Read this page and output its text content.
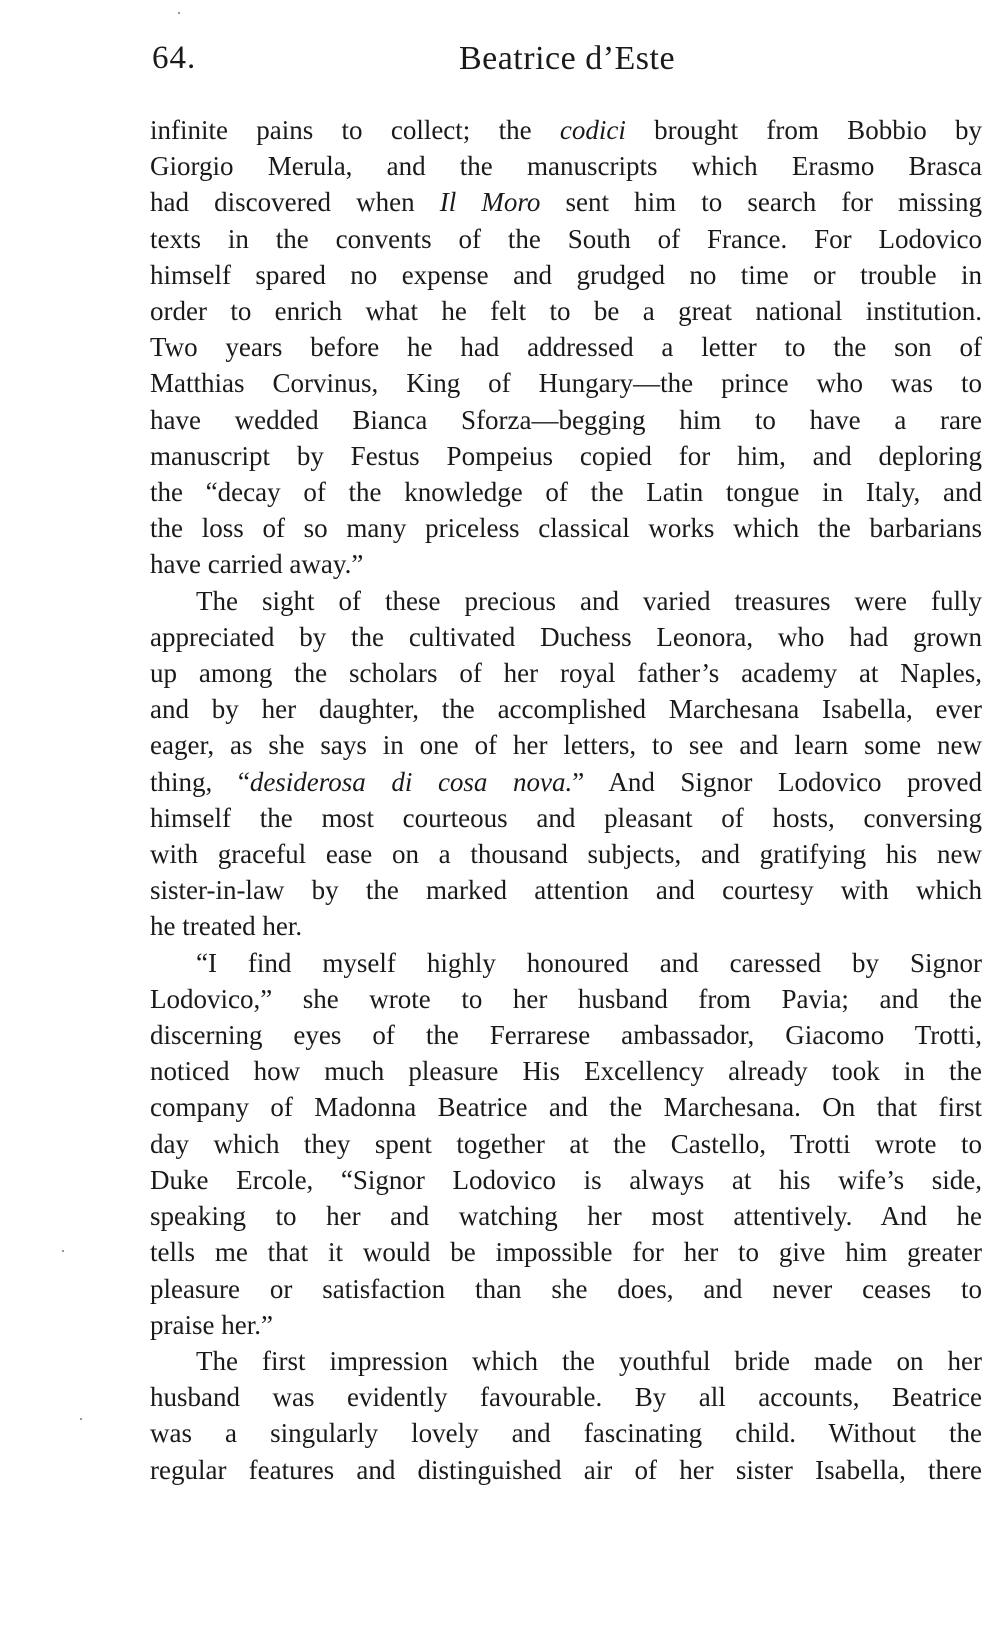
64.	Beatrice d’Este
infinite pains to collect; the codici brought from Bobbio by
Giorgio Merula, and the manuscripts which Erasmo Brasca
had discovered when Il Moro sent him to search for missing
texts in the convents of the South of France. For Lodovico
himself spared no expense and grudged no time or trouble in
order to enrich what he felt to be a great national institution.
Two years before he had addressed a letter to the son of
Matthias Corvinus, King of Hungary—the prince who was to
have wedded Bianca Sforza—begging him to have a rare
manuscript by Festus Pompeius copied for him, and deploring
the “decay of the knowledge of the Latin tongue in Italy, and
the loss of so many priceless classical works which the barbarians
have carried away.”
The sight of these precious and varied treasures were fully
appreciated by the cultivated Duchess Leonora, who had grown
up among the scholars of her royal father’s academy at Naples,
and by her daughter, the accomplished Marchesana Isabella, ever
eager, as she says in one of her letters, to see and learn some new
thing, “desiderosa di cosa nova.” And Signor Lodovico proved
himself the most courteous and pleasant of hosts, conversing
with graceful ease on a thousand subjects, and gratifying his new
sister-in-law by the marked attention and courtesy with which
he treated her.
“I find myself highly honoured and caressed by Signor
Lodovico,” she wrote to her husband from Pavia; and the
discerning eyes of the Ferrarese ambassador, Giacomo Trotti,
noticed how much pleasure His Excellency already took in the
company of Madonna Beatrice and the Marchesana. On that first
day which they spent together at the Castello, Trotti wrote to
Duke Ercole, “Signor Lodovico is always at his wife’s side,
speaking to her and watching her most attentively. And he
tells me that it would be impossible for her to give him greater
pleasure or satisfaction than she does, and never ceases to
praise her.”
The first impression which the youthful bride made on her
husband was evidently favourable. By all accounts, Beatrice
was a singularly lovely and fascinating child. Without the
regular features and distinguished air of her sister Isabella, there
